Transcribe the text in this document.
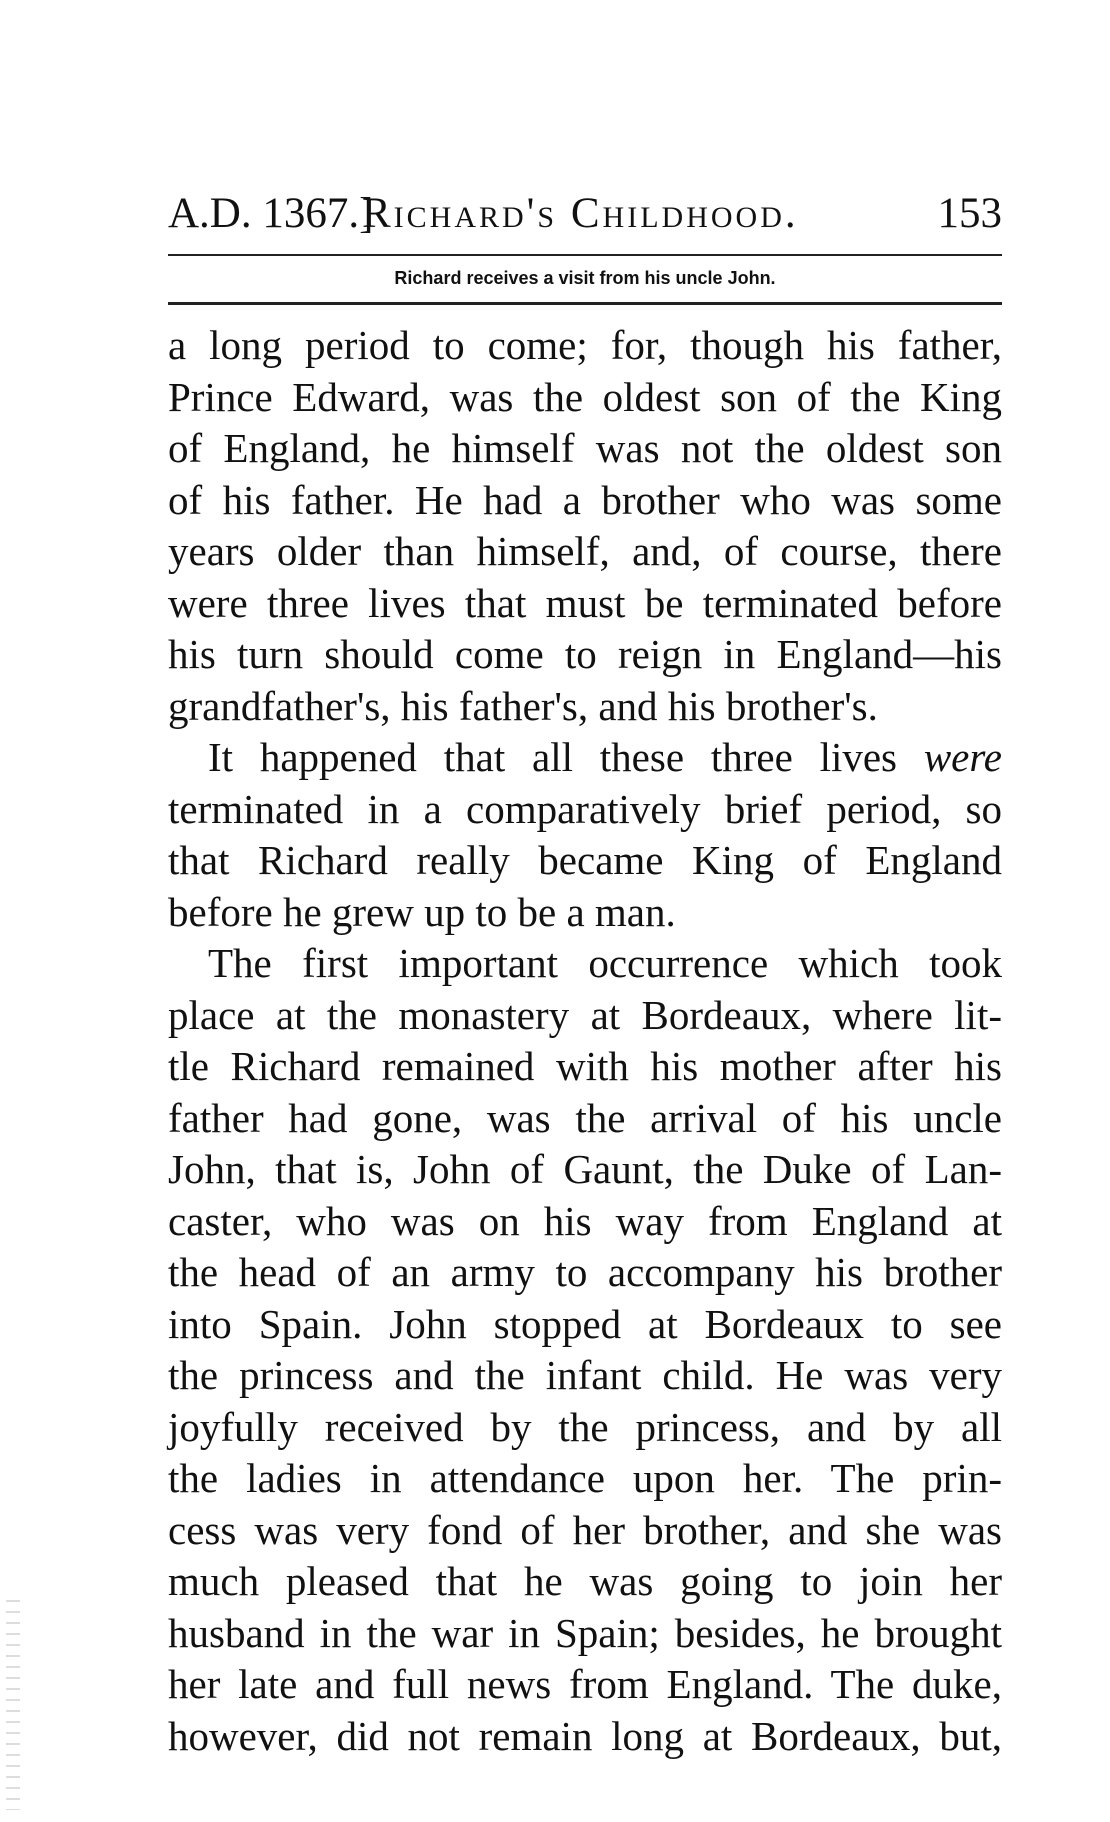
A.D. 1367.]
Richard's Childhood.	153
Richard receives a visit from his uncle John.
a long period to come; for, though his father,
Prince Edward, was the oldest son of the King
of England, he himself was not the oldest son
of his father. He had a brother who was some
years older than himself, and, of course, there
were three lives that must be terminated before
his turn should come to reign in England—his
grandfather's, his father's, and his brother's.
It happened that all these three lives were
terminated in a comparatively brief period, so
that Richard really became King of England
before he grew up to be a man.
The first important occurrence which took
place at the monastery at Bordeaux, where lit-
tle Richard remained with his mother after his
father had gone, was the arrival of his uncle
John, that is, John of Gaunt, the Duke of Lan-
caster, who was on his way from England at
the head of an army to accompany his brother
into Spain. John stopped at Bordeaux to see
the princess and the infant child. He was very
joyfully received by the princess, and by all
the ladies in attendance upon her. The prin-
cess was very fond of her brother, and she was
much pleased that he was going to join her
husband in the war in Spain; besides, he brought
her late and full news from England. The duke,
however, did not remain long at Bordeaux, but,
